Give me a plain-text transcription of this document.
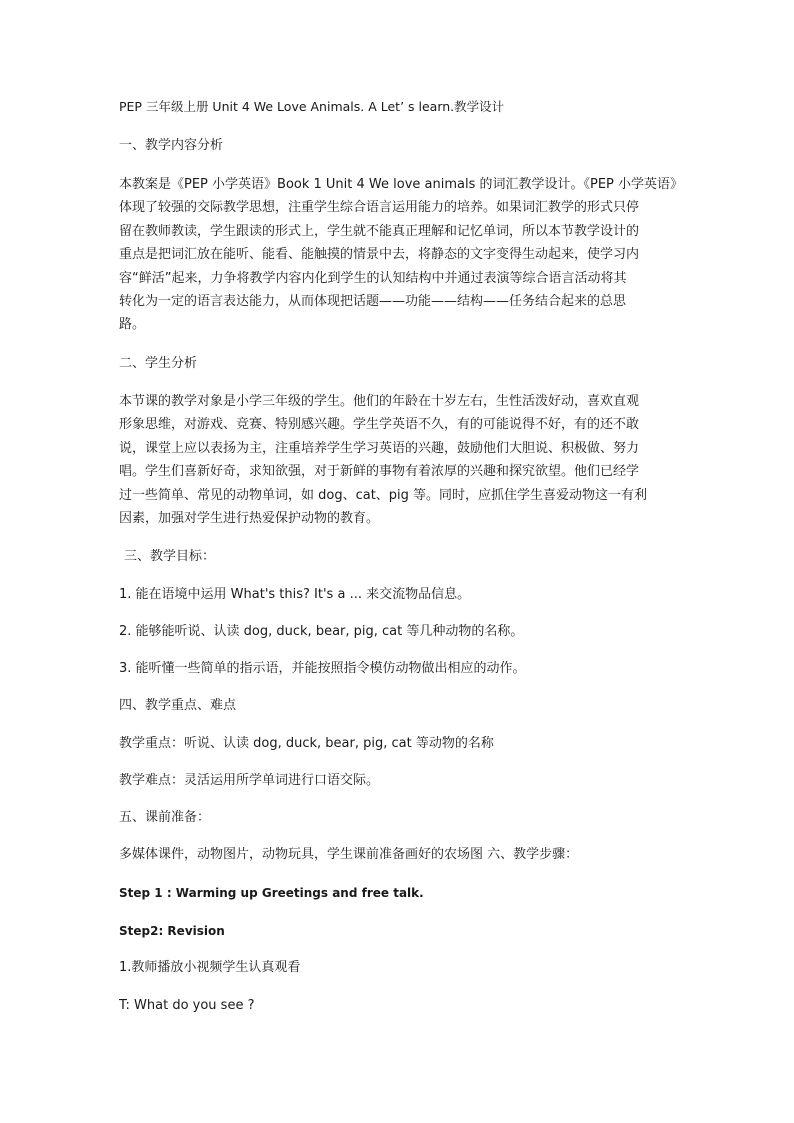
PEP 三年级上册 Unit 4 We Love Animals. A Let’ s learn.教学设计
一、教学内容分析
本教案是《PEP 小学英语》Book 1 Unit 4 We love animals 的词汇教学设计。《PEP 小学英语》
体现了较强的交际教学思想，注重学生综合语言运用能力的培养。如果词汇教学的形式只停
留在教师教读，学生跟读的形式上，学生就不能真正理解和记忆单词，所以本节教学设计的
重点是把词汇放在能听、能看、能触摸的情景中去，将静态的文字变得生动起来，使学习内
容“鲜活”起来，力争将教学内容内化到学生的认知结构中并通过表演等综合语言活动将其
转化为一定的语言表达能力，从而体现把话题——功能——结构——任务结合起来的总思
路。
二、学生分析
本节课的教学对象是小学三年级的学生。他们的年龄在十岁左右，生性活泼好动，喜欢直观
形象思维，对游戏、竞赛、特别感兴趣。学生学英语不久，有的可能说得不好，有的还不敢
说，课堂上应以表扬为主，注重培养学生学习英语的兴趣，鼓励他们大胆说、积极做、努力
唱。学生们喜新好奇，求知欲强，对于新鲜的事物有着浓厚的兴趣和探究欲望。他们已经学
过一些简单、常见的动物单词，如 dog、cat、pig 等。同时，应抓住学生喜爱动物这一有利
因素，加强对学生进行热爱保护动物的教育。
三、教学目标：
1. 能在语境中运用 What's this? It's a ... 来交流物品信息。
2. 能够能听说、认读 dog, duck, bear, pig, cat 等几种动物的名称。
3. 能听懂一些简单的指示语，并能按照指令模仿动物做出相应的动作。
四、教学重点、难点
教学重点：听说、认读 dog, duck, bear, pig, cat 等动物的名称
教学难点：灵活运用所学单词进行口语交际。
五、课前准备：
多媒体课件，动物图片，动物玩具，学生课前准备画好的农场图 六、教学步骤：
Step 1 : Warming up Greetings and free talk.
Step2: Revision
1.教师播放小视频学生认真观看
T: What do you see ?
